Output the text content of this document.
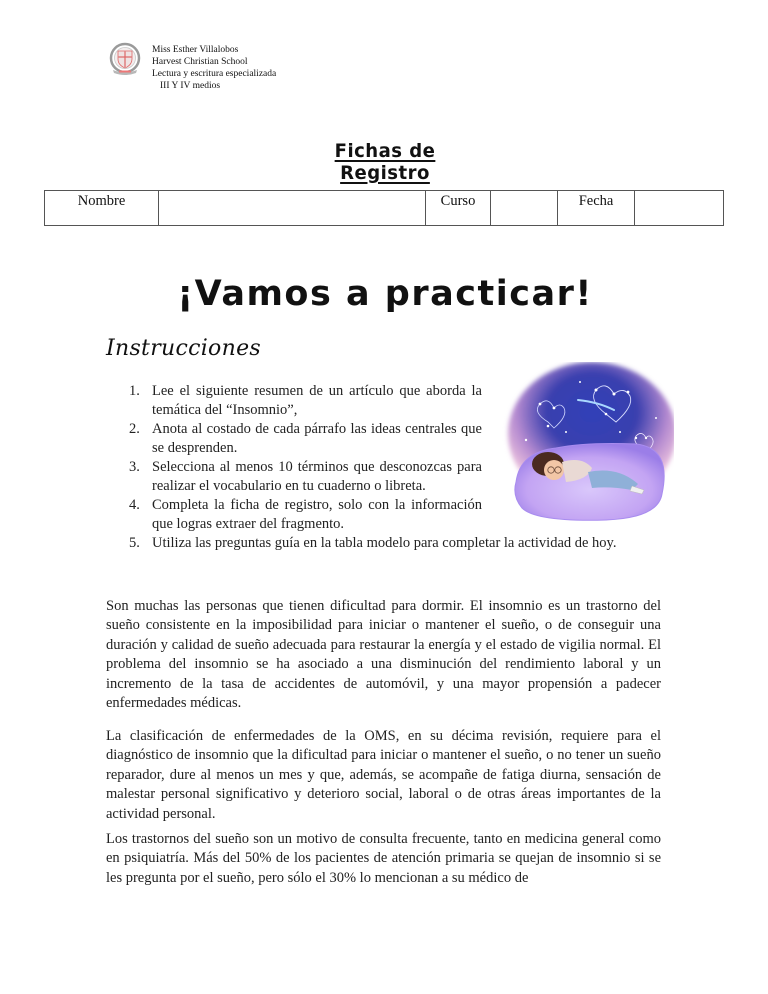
Miss Esther Villalobos
Harvest Christian School
Lectura y escritura especializada
III Y IV medios
Fichas de Registro
Nombre		Curso		Fecha	
¡Vamos a practicar!
Instrucciones
1. Lee el siguiente resumen de un artículo que aborda la temática del “Insomnio”,
2. Anota al costado de cada párrafo las ideas centrales que se desprenden.
3. Selecciona al menos 10 términos que desconozcas para realizar el vocabulario en tu cuaderno o libreta.
4. Completa la ficha de registro, solo con la información que logras extraer del fragmento.
5. Utiliza las preguntas guía en la tabla modelo para completar la actividad de hoy.

Son muchas las personas que tienen dificultad para dormir. El insomnio es un trastorno del sueño consistente en la imposibilidad para iniciar o mantener el sueño, o de conseguir una duración y calidad de sueño adecuada para restaurar la energía y el estado de vigilia normal. El problema del insomnio se ha asociado a una disminución del rendimiento laboral y un incremento de la tasa de accidentes de automóvil, y una mayor propensión a padecer enfermedades médicas.

La clasificación de enfermedades de la OMS, en su décima revisión, requiere para el diagnóstico de insomnio que la dificultad para iniciar o mantener el sueño, o no tener un sueño reparador, dure al menos un mes y que, además, se acompañe de fatiga diurna, sensación de malestar personal significativo y deterioro social, laboral o de otras áreas importantes de la actividad personal.

Los trastornos del sueño son un motivo de consulta frecuente, tanto en medicina general como en psiquiatría. Más del 50% de los pacientes de atención primaria se quejan de insomnio si se les pregunta por el sueño, pero sólo el 30% lo mencionan a su médico de
